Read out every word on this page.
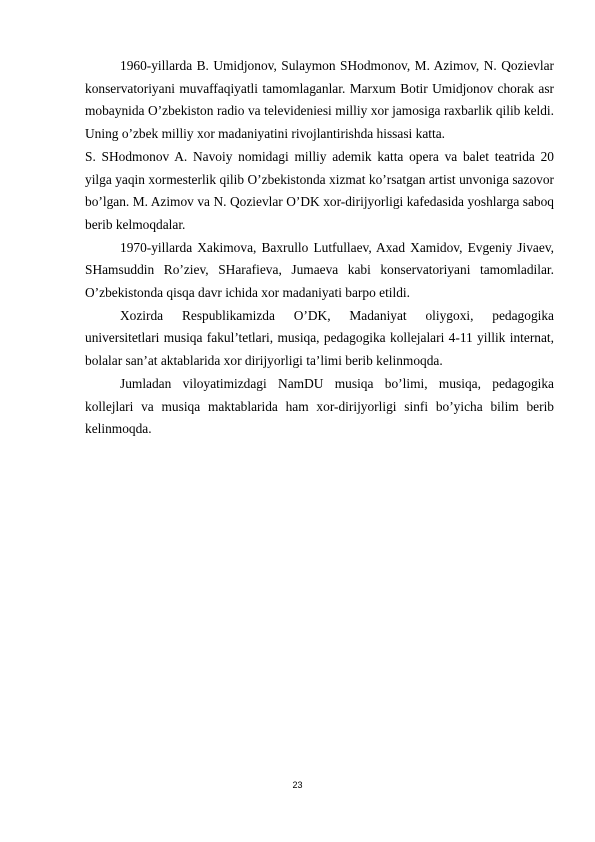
1960-yillarda B. Umidjonov, Sulaymon SHodmonov, M. Azimov, N. Qozievlar konservatoriyani muvaffaqiyatli tamomlaganlar. Marxum Botir Umidjonov chorak asr mobaynida O’zbekiston radio va televideniesi milliy xor jamosiga raxbarlik qilib keldi. Uning o’zbek milliy xor madaniyatini rivojlantirishda hissasi katta.

S. SHodmonov A. Navoiy nomidagi milliy ademik katta opera va balet teatrida 20 yilga yaqin xormesterlik qilib O’zbekistonda xizmat ko’rsatgan artist unvoniga sazovor bo’lgan. M. Azimov va N. Qozievlar O’DK xor-dirijyorligi kafedasida yoshlarga saboq berib kelmoqdalar.

1970-yillarda Xakimova, Baxrullo Lutfullaev, Axad Xamidov, Evgeniy Jivaev, SHamsuddin Ro’ziev, SHarafieva, Jumaeva kabi konservatoriyani tamomladilar. O’zbekistonda qisqa davr ichida xor madaniyati barpo etildi.

Xozirda Respublikamizda O’DK, Madaniyat oliygoxi, pedagogika universitetlari musiqa fakul’tetlari, musiqa, pedagogika kollejalari 4-11 yillik internat, bolalar san’at aktablarida xor dirijyorligi ta’limi berib kelinmoqda.

Jumladan viloyatimizdagi NamDU musiqa bo’limi, musiqa, pedagogika kollejlari va musiqa maktablarida ham xor-dirijyorligi sinfi bo’yicha bilim berib kelinmoqda.

23
